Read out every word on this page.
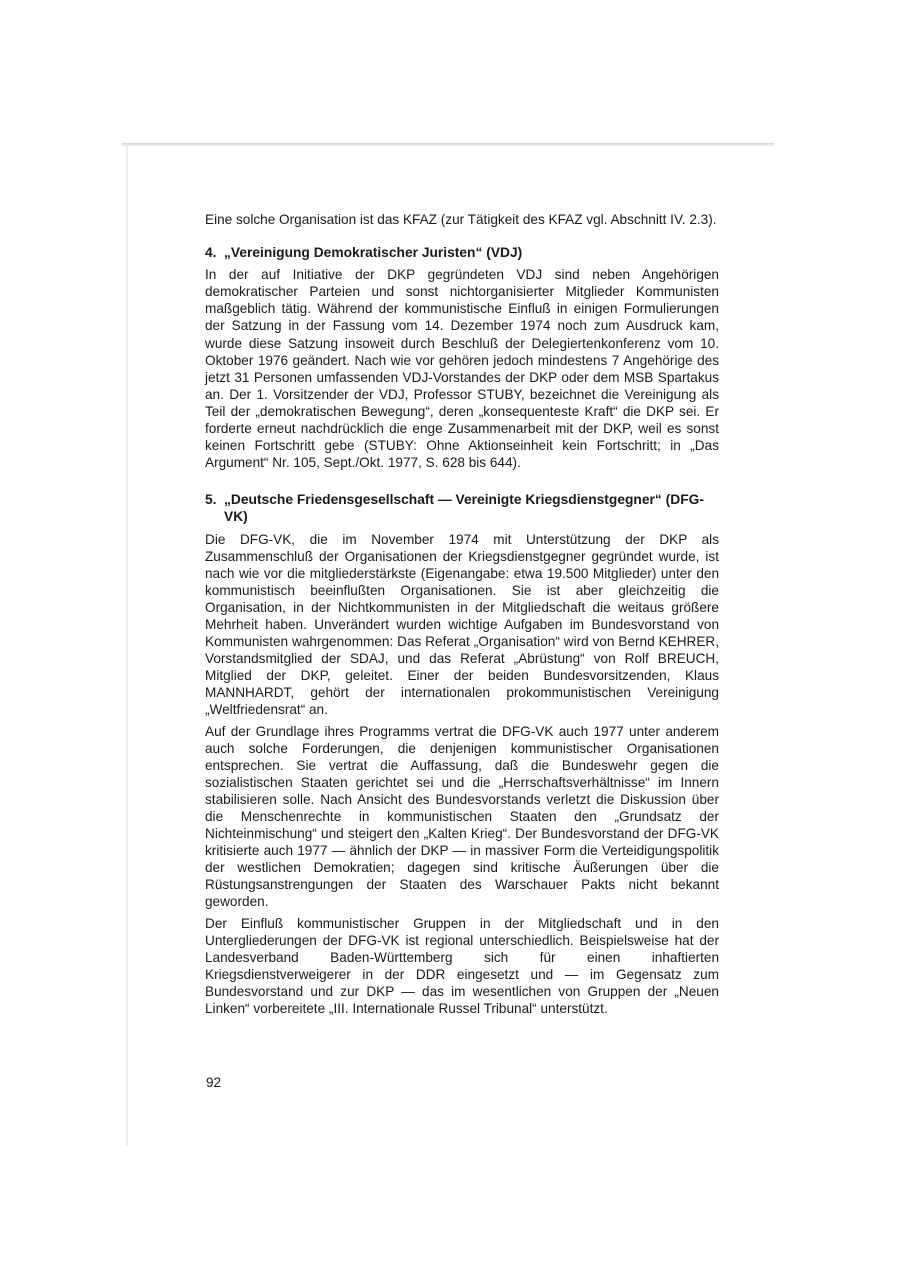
Eine solche Organisation ist das KFAZ (zur Tätigkeit des KFAZ vgl. Abschnitt IV. 2.3).

4. „Vereinigung Demokratischer Juristen“ (VDJ)

In der auf Initiative der DKP gegründeten VDJ sind neben Angehörigen demokratischer Parteien und sonst nichtorganisierter Mitglieder Kommunisten maßgeblich tätig. Während der kommunistische Einfluß in einigen Formulierungen der Satzung in der Fassung vom 14. Dezember 1974 noch zum Ausdruck kam, wurde diese Satzung insoweit durch Beschluß der Delegiertenkonferenz vom 10. Oktober 1976 geändert. Nach wie vor gehören jedoch mindestens 7 Angehörige des jetzt 31 Personen umfassenden VDJ-Vorstandes der DKP oder dem MSB Spartakus an. Der 1. Vorsitzender der VDJ, Professor STUBY, bezeichnet die Vereinigung als Teil der „demokratischen Bewegung“, deren „konsequenteste Kraft“ die DKP sei. Er forderte erneut nachdrücklich die enge Zusammenarbeit mit der DKP, weil es sonst keinen Fortschritt gebe (STUBY: Ohne Aktionseinheit kein Fortschritt; in „Das Argument“ Nr. 105, Sept./Okt. 1977, S. 628 bis 644).

5. „Deutsche Friedensgesellschaft — Vereinigte Kriegsdienstgegner“ (DFG-VK)

Die DFG-VK, die im November 1974 mit Unterstützung der DKP als Zusammenschluß der Organisationen der Kriegsdienstgegner gegründet wurde, ist nach wie vor die mitgliederstärkste (Eigenangabe: etwa 19.500 Mitglieder) unter den kommunistisch beeinflußten Organisationen. Sie ist aber gleichzeitig die Organisation, in der Nichtkommunisten in der Mitgliedschaft die weitaus größere Mehrheit haben. Unverändert wurden wichtige Aufgaben im Bundesvorstand von Kommunisten wahrgenommen: Das Referat „Organisation“ wird von Bernd KEHRER, Vorstandsmitglied der SDAJ, und das Referat „Abrüstung“ von Rolf BREUCH, Mitglied der DKP, geleitet. Einer der beiden Bundesvorsitzenden, Klaus MANNHARDT, gehört der internationalen prokommunistischen Vereinigung „Weltfriedensrat“ an.

Auf der Grundlage ihres Programms vertrat die DFG-VK auch 1977 unter anderem auch solche Forderungen, die denjenigen kommunistischer Organisationen entsprechen. Sie vertrat die Auffassung, daß die Bundeswehr gegen die sozialistischen Staaten gerichtet sei und die „Herrschaftsverhältnisse“ im Innern stabilisieren solle. Nach Ansicht des Bundesvorstands verletzt die Diskussion über die Menschenrechte in kommunistischen Staaten den „Grundsatz der Nichteinmischung“ und steigert den „Kalten Krieg“. Der Bundesvorstand der DFG-VK kritisierte auch 1977 — ähnlich der DKP — in massiver Form die Verteidigungspolitik der westlichen Demokratien; dagegen sind kritische Äußerungen über die Rüstungsanstrengungen der Staaten des Warschauer Pakts nicht bekannt geworden.

Der Einfluß kommunistischer Gruppen in der Mitgliedschaft und in den Untergliederungen der DFG-VK ist regional unterschiedlich. Beispielsweise hat der Landesverband Baden-Württemberg sich für einen inhaftierten Kriegsdienstverweigerer in der DDR eingesetzt und — im Gegensatz zum Bundesvorstand und zur DKP — das im wesentlichen von Gruppen der „Neuen Linken“ vorbereitete „III. Internationale Russel Tribunal“ unterstützt.

92
